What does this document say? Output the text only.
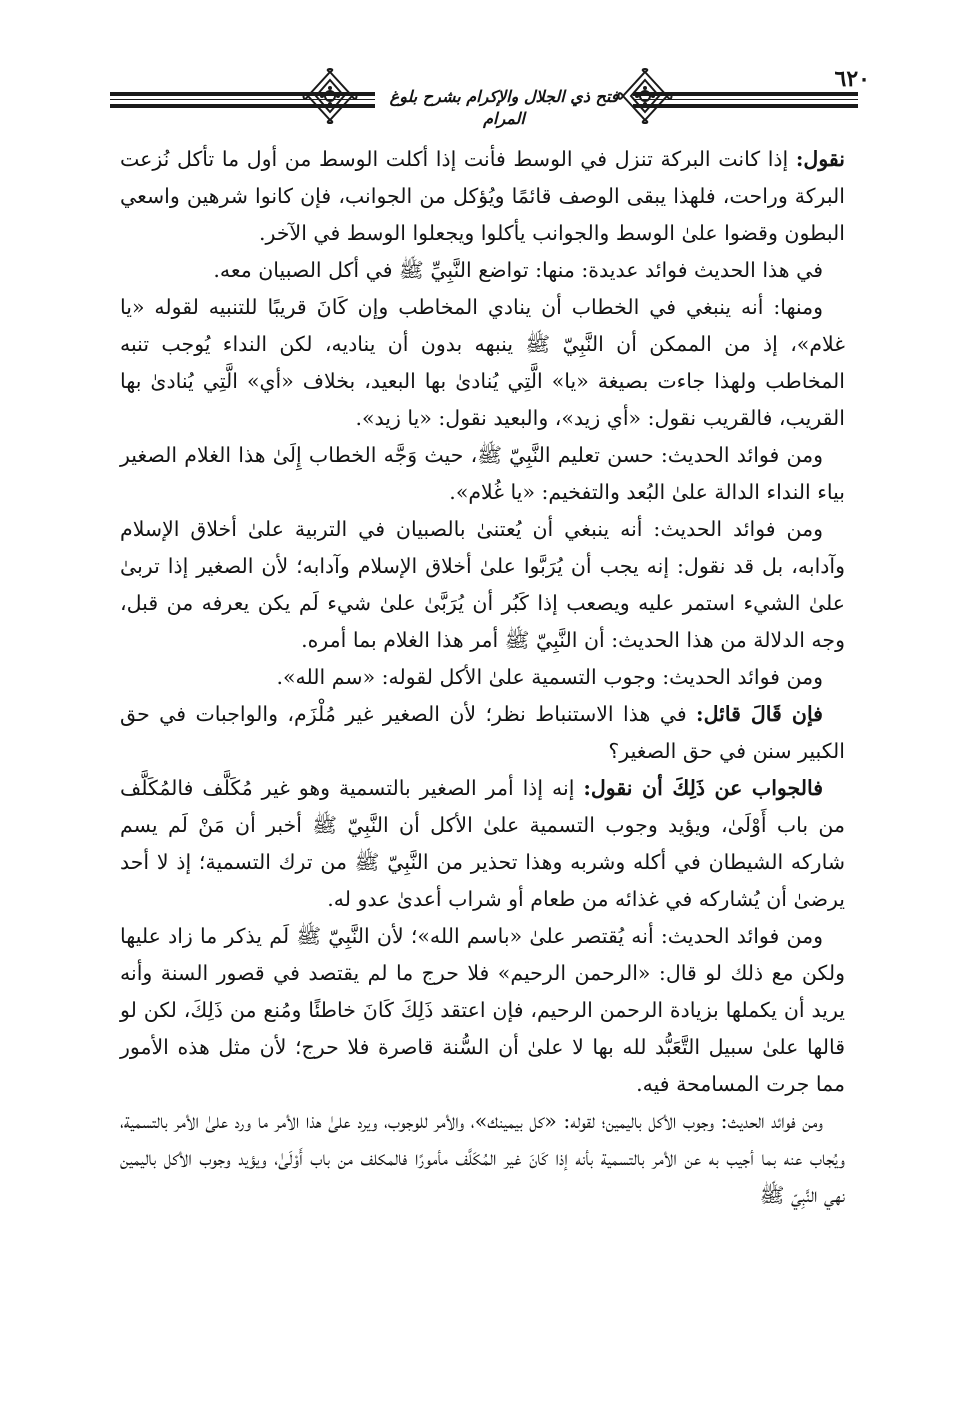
فتح ذي الجلال والإكرام بشرح بلوغ المرام
٦٢٠

نقول: إذا كانت البركة تنزل في الوسط فأنت إذا أكلت الوسط من أول ما تأكل نُزعت البركة وراحت، فلهذا يبقى الوصف قائمًا ويُؤكل من الجوانب، فإن كانوا شرهين واسعي البطون وقضوا علىٰ الوسط والجوانب يأكلوا ويجعلوا الوسط في الآخر.

في هذا الحديث فوائد عديدة: منها: تواضع النَّبِيِّ ﷺ في أكل الصبيان معه.

ومنها: أنه ينبغي في الخطاب أن ينادي المخاطب وإن كَانَ قريبًا للتنبيه لقوله «يا غلام»، إذ من الممكن أن النَّبِيّ ﷺ ينبهه بدون أن يناديه، لكن النداء يُوجب تنبه المخاطب ولهذا جاءت بصيغة «يا» الَّتِي يُنادىٰ بها البعيد، بخلاف «أي» الَّتِي يُنادىٰ بها القريب، فالقريب نقول: «أي زيد»، والبعيد نقول: «يا زيد».

ومن فوائد الحديث: حسن تعليم النَّبِيّ ﷺ، حيث وَجَّه الخطاب إِلَىٰ هذا الغلام الصغير بياء النداء الدالة علىٰ البُعد والتفخيم: «يا غُلام».

ومن فوائد الحديث: أنه ينبغي أن يُعتنىٰ بالصبيان في التربية علىٰ أخلاق الإسلام وآدابه، بل قد نقول: إنه يجب أن يُرَبَّوا علىٰ أخلاق الإسلام وآدابه؛ لأن الصغير إذا تربىٰ علىٰ الشيء استمر عليه ويصعب إذا كَبُر أن يُرَبَّىٰ علىٰ شيء لَم يكن يعرفه من قبل، وجه الدلالة من هذا الحديث: أن النَّبِيّ ﷺ أمر هذا الغلام بما أمره.

ومن فوائد الحديث: وجوب التسمية علىٰ الأكل لقوله: «سم الله».

فإن قَالَ قائل: في هذا الاستنباط نظر؛ لأن الصغير غير مُلْزَم، والواجبات في حق الكبير سنن في حق الصغير؟

فالجواب عن ذَلِكَ أن نقول: إنه إذا أمر الصغير بالتسمية وهو غير مُكَلَّف فالمُكَلَّف من باب أَوْلَىٰ، ويؤيد وجوب التسمية علىٰ الأكل أن النَّبِيّ ﷺ أخبر أن مَنْ لَم يسم شاركه الشيطان في أكله وشربه وهذا تحذير من النَّبِيّ ﷺ من ترك التسمية؛ إذ لا أحد يرضىٰ أن يُشاركه في غذائه من طعام أو شراب أعدىٰ عدو له.

ومن فوائد الحديث: أنه يُقتصر علىٰ «باسم الله»؛ لأن النَّبِيّ ﷺ لَم يذكر ما زاد عليها ولكن مع ذلك لو قال: «الرحمن الرحيم» فلا حرج ما لم يقتصد في قصور السنة وأنه يريد أن يكملها بزيادة الرحمن الرحيم، فإن اعتقد ذَلِكَ كَانَ خاطئًا ومُنع من ذَلِكَ، لكن لو قالها علىٰ سبيل التَّعَبُّد لله بها لا علىٰ أن السُّنة قاصرة فلا حرج؛ لأن مثل هذه الأمور مما جرت المسامحة فيه.

ومن فوائد الحديث: وجوب الأكل باليمين؛ لقوله: «كل بيمينك»، والأمر للوجوب، ويرد علىٰ هذا الأمر ما ورد علىٰ الأمر بالتسمية، ويُجاب عنه بما أجيب به عن الأمر بالتسمية بأنه إذا كَانَ غير المُكَلَّف مأمورًا فالمكلف من باب أَوْلَىٰ، ويؤيد وجوب الأكل باليمين نهي النَّبِيّ ﷺ
